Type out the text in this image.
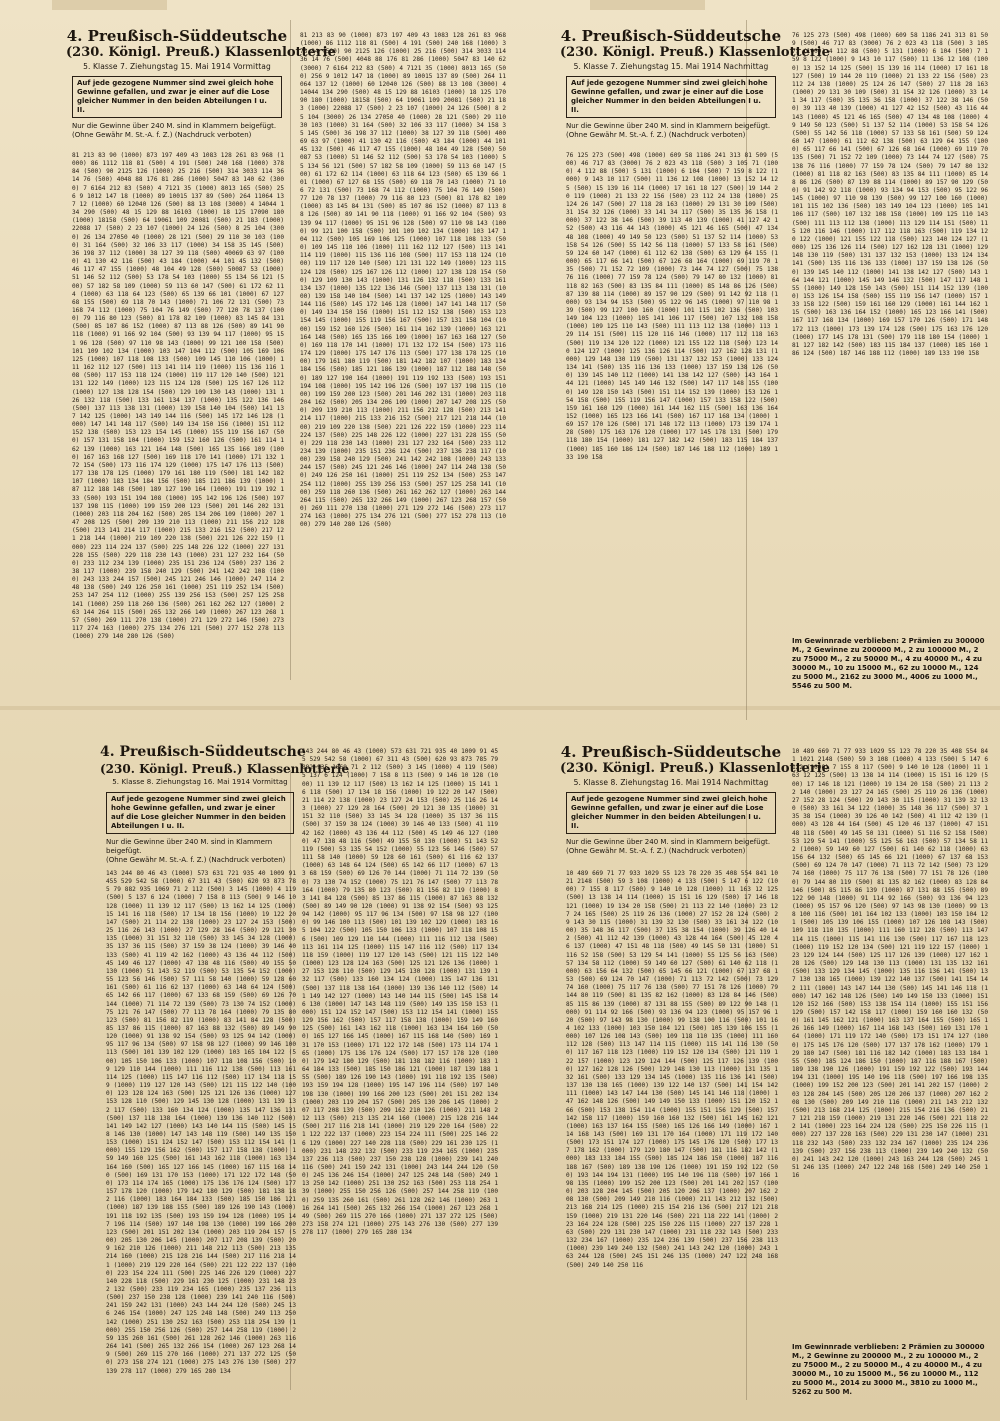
4. Preußisch-Süddeutsche
(230. Königl. Preuß.) Klassenlotterie
5. Klasse 7. Ziehungstag 15. Mai 1914 Vormittag
Auf jede gezogene Nummer sind zwei gleich hohe Gewinne gefallen, und zwar je einer auf die Lose gleicher Nummer in den beiden Abteilungen I u. II.
Nur die Gewinne über 240 M. sind in Klammern beigefügt.
(Ohne Gewähr M. St.-A. f. Z.) (Nachdruck verboten)
81 213 83 90 (1000) 873 197 409 43 1083 128 261 83 968 (1000) 86 1112 118 81 (500) 4 191 (500) 240 168 (1000) 378 84 (500) 90 2125 126 (1000) 25 216 (500) 314 3033 114 36 14 76 (500) 4048 88 176 81 286 (1000) 5047 83 140 62 (3000) 7 6164 212 83 (500) 4 7121 35 (1000) 8013 165 (500) 256 9 1012 147 18 (1000) 89 10015 137 89 (500) 264 11064 137 12 (1000) 60 12040 126 (500) 88 13 108 (3000) 4 14044 134 290 (500) 48 15 129 88 16103 (1000) 18 125 17090 180 (1000) 18158 (500) 64 19061 109 20081 (500) 21 183 (1000) 22088 17 (500) 2 23 107 (1000) 24 126 (500) 8 25 104 (3000) 26 134 27050 40 (1000) 28 121 (500) 29 110 30 103 (1000) 31 164 (500) 32 106 33 117 (1000) 34 158 35 145 (500) 36 198 37 112 (1000) 38 127 39 118 (500) 40069 63 97 (1000) 41 130 42 116 (500) 43 184 (1000) 44 101 45 132 (500) 46 117 47 155 (1000) 48 104 49 128 (500) 50087 53 (1000) 51 146 52 112 (500) 53 178 54 103 (1000) 55 134 56 121 (500) 57 182 58 109 (1000) 59 113 60 147 (500) 61 172 62 114 (1000) 63 118 64 123 (500) 65 139 66 101 (1000) 67 127 68 155 (500) 69 118 70 143 (1000) 71 106 72 131 (500) 73 168 74 112 (1000) 75 104 76 149 (500) 77 120 78 137 (1000) 79 116 80 123 (500) 81 178 82 109 (1000) 83 145 84 131 (500) 85 107 86 152 (1000) 87 113 88 126 (500) 89 141 90 118 (1000) 91 166 92 104 (500) 93 139 94 117 (1000) 95 151 96 128 (500) 97 110 98 143 (1000) 99 121 100 158 (500) 101 109 102 134 (1000) 103 147 104 112 (500) 105 169 106 125 (1000) 107 118 108 133 (500) 109 145 110 106 (1000) 111 162 112 127 (500) 113 141 114 119 (1000) 115 136 116 108 (500) 117 153 118 124 (1000) 119 117 120 140 (500) 121 131 122 149 (1000) 123 115 124 128 (500) 125 167 126 112 (1000) 127 138 128 154 (500) 129 109 130 143 (1000) 131 126 132 118 (500) 133 161 134 137 (1000) 135 122 136 146 (500) 137 113 138 131 (1000) 139 158 140 104 (500) 141 137 142 125 (1000) 143 149 144 116 (500) 145 172 146 128 (1000) 147 141 148 117 (500) 149 134 150 156 (1000) 151 112 152 138 (500) 153 123 154 145 (1000) 155 119 156 167 (500) 157 131 158 104 (1000) 159 152 160 126 (500) 161 114 162 139 (1000) 163 121 164 148 (500) 165 135 166 109 (1000) 167 163 168 127 (500) 169 118 170 141 (1000) 171 132 172 154 (500) 173 116 174 129 (1000) 175 147 176 113 (500) 177 138 178 125 (1000) 179 161 180 119 (500) 181 142 182 107 (1000) 183 134 184 156 (500) 185 121 186 139 (1000) 187 112 188 148 (500) 189 127 190 164 (1000) 191 119 192 133 (500) 193 151 194 108 (1000) 195 142 196 126 (500) 197 137 198 115 (1000) 199 159 200 123 (500) 201 146 202 131 (1000) 203 118 204 162 (500) 205 134 206 109 (1000) 207 147 208 125 (500) 209 139 210 113 (1000) 211 156 212 128 (500) 213 141 214 117 (1000) 215 133 216 152 (500) 217 121 218 144 (1000) 219 109 220 138 (500) 221 126 222 159 (1000) 223 114 224 137 (500) 225 148 226 122 (1000) 227 131 228 155 (500) 229 118 230 143 (1000) 231 127 232 164 (500) 233 112 234 139 (1000) 235 151 236 124 (500) 237 136 238 117 (1000) 239 158 240 129 (500) 241 142 242 108 (1000) 243 133 244 157 (500) 245 121 246 146 (1000) 247 114 248 138 (500) 249 126 250 161 (1000) 251 119 252 134 (500) 253 147 254 112 (1000) 255 139 256 153 (500) 257 125 258 141 (1000) 259 118 260 136 (500) 261 162 262 127 (1000) 263 144 264 115 (500) 265 132 266 149 (1000) 267 123 268 157 (500) 269 111 270 138 (1000) 271 129 272 146 (500) 273 117 274 163 (1000) 275 134 276 121 (500) 277 152 278 113 (1000) 279 140 280 126 (500)
81 213 83 90 (1000) 873 197 409 43 1083 128 261 83 968 (1000) 86 1112 118 81 (500) 4 191 (500) 240 168 (1000) 378 84 (500) 90 2125 126 (1000) 25 216 (500) 314 3033 114 36 14 76 (500) 4048 88 176 81 286 (1000) 5047 83 140 62 (3000) 7 6164 212 83 (500) 4 7121 35 (1000) 8013 165 (500) 256 9 1012 147 18 (1000) 89 10015 137 89 (500) 264 11064 137 12 (1000) 60 12040 126 (500) 88 13 108 (3000) 4 14044 134 290 (500) 48 15 129 88 16103 (1000) 18 125 17090 180 (1000) 18158 (500) 64 19061 109 20081 (500) 21 183 (1000) 22088 17 (500) 2 23 107 (1000) 24 126 (500) 8 25 104 (3000) 26 134 27050 40 (1000) 28 121 (500) 29 110 30 103 (1000) 31 164 (500) 32 106 33 117 (1000) 34 158 35 145 (500) 36 198 37 112 (1000) 38 127 39 118 (500) 40069 63 97 (1000) 41 130 42 116 (500) 43 184 (1000) 44 101 45 132 (500) 46 117 47 155 (1000) 48 104 49 128 (500) 50087 53 (1000) 51 146 52 112 (500) 53 178 54 103 (1000) 55 134 56 121 (500) 57 182 58 109 (1000) 59 113 60 147 (500) 61 172 62 114 (1000) 63 118 64 123 (500) 65 139 66 101 (1000) 67 127 68 155 (500) 69 118 70 143 (1000) 71 106 72 131 (500) 73 168 74 112 (1000) 75 104 76 149 (500) 77 120 78 137 (1000) 79 116 80 123 (500) 81 178 82 109 (1000) 83 145 84 131 (500) 85 107 86 152 (1000) 87 113 88 126 (500) 89 141 90 118 (1000) 91 166 92 104 (500) 93 139 94 117 (1000) 95 151 96 128 (500) 97 110 98 143 (1000) 99 121 100 158 (500) 101 109 102 134 (1000) 103 147 104 112 (500) 105 169 106 125 (1000) 107 118 108 133 (500) 109 145 110 106 (1000) 111 162 112 127 (500) 113 141 114 119 (1000) 115 136 116 108 (500) 117 153 118 124 (1000) 119 117 120 140 (500) 121 131 122 149 (1000) 123 115 124 128 (500) 125 167 126 112 (1000) 127 138 128 154 (500) 129 109 130 143 (1000) 131 126 132 118 (500) 133 161 134 137 (1000) 135 122 136 146 (500) 137 113 138 131 (1000) 139 158 140 104 (500) 141 137 142 125 (1000) 143 149 144 116 (500) 145 172 146 128 (1000) 147 141 148 117 (500) 149 134 150 156 (1000) 151 112 152 138 (500) 153 123 154 145 (1000) 155 119 156 167 (500) 157 131 158 104 (1000) 159 152 160 126 (500) 161 114 162 139 (1000) 163 121 164 148 (500) 165 135 166 109 (1000) 167 163 168 127 (500) 169 118 170 141 (1000) 171 132 172 154 (500) 173 116 174 129 (1000) 175 147 176 113 (500) 177 138 178 125 (1000) 179 161 180 119 (500) 181 142 182 107 (1000) 183 134 184 156 (500) 185 121 186 139 (1000) 187 112 188 148 (500) 189 127 190 164 (1000) 191 119 192 133 (500) 193 151 194 108 (1000) 195 142 196 126 (500) 197 137 198 115 (1000) 199 159 200 123 (500) 201 146 202 131 (1000) 203 118 204 162 (500) 205 134 206 109 (1000) 207 147 208 125 (500) 209 139 210 113 (1000) 211 156 212 128 (500) 213 141 214 117 (1000) 215 133 216 152 (500) 217 121 218 144 (1000) 219 109 220 138 (500) 221 126 222 159 (1000) 223 114 224 137 (500) 225 148 226 122 (1000) 227 131 228 155 (500) 229 118 230 143 (1000) 231 127 232 164 (500) 233 112 234 139 (1000) 235 151 236 124 (500) 237 136 238 117 (1000) 239 158 240 129 (500) 241 142 242 108 (1000) 243 133 244 157 (500) 245 121 246 146 (1000) 247 114 248 138 (500) 249 126 250 161 (1000) 251 119 252 134 (500) 253 147 254 112 (1000) 255 139 256 153 (500) 257 125 258 141 (1000) 259 118 260 136 (500) 261 162 262 127 (1000) 263 144 264 115 (500) 265 132 266 149 (1000) 267 123 268 157 (500) 269 111 270 138 (1000) 271 129 272 146 (500) 273 117 274 163 (1000) 275 134 276 121 (500) 277 152 278 113 (1000) 279 140 280 126 (500)
4. Preußisch-Süddeutsche
(230. Königl. Preuß.) Klassenlotterie
5. Klasse 7. Ziehungstag 15. Mai 1914 Nachmittag
Auf jede gezogene Nummer sind zwei gleich hohe Gewinne gefallen, und zwar je einer auf die Lose gleicher Nummer in den beiden Abteilungen I u. II.
Nur die Gewinne über 240 M. sind in Klammern beigefügt.
(Ohne Gewähr M. St.-A. f. Z.) (Nachdruck verboten)
76 125 273 (500) 498 (1000) 609 58 1186 241 313 81 509 (500) 46 717 83 (3000) 76 2 023 43 118 (500) 3 105 71 (1000) 4 112 88 (500) 5 131 (1000) 6 104 (500) 7 159 8 122 (1000) 9 143 10 117 (500) 11 136 12 108 (1000) 13 152 14 125 (500) 15 139 16 114 (1000) 17 161 18 127 (500) 19 144 20 119 (1000) 21 133 22 156 (500) 23 112 24 138 (1000) 25 124 26 147 (500) 27 118 28 163 (1000) 29 131 30 109 (500) 31 154 32 126 (1000) 33 141 34 117 (500) 35 135 36 158 (1000) 37 122 38 146 (500) 39 113 40 139 (1000) 41 127 42 152 (500) 43 116 44 143 (1000) 45 121 46 165 (500) 47 134 48 108 (1000) 49 149 50 123 (500) 51 137 52 114 (1000) 53 158 54 126 (500) 55 142 56 118 (1000) 57 133 58 161 (500) 59 124 60 147 (1000) 61 112 62 138 (500) 63 129 64 155 (1000) 65 117 66 141 (500) 67 126 68 164 (1000) 69 119 70 135 (500) 71 152 72 109 (1000) 73 144 74 127 (500) 75 138 76 116 (1000) 77 159 78 124 (500) 79 147 80 132 (1000) 81 118 82 163 (500) 83 135 84 111 (1000) 85 148 86 126 (500) 87 139 88 114 (1000) 89 157 90 129 (500) 91 142 92 118 (1000) 93 134 94 153 (500) 95 122 96 145 (1000) 97 110 98 139 (500) 99 127 100 160 (1000) 101 115 102 136 (500) 103 149 104 123 (1000) 105 141 106 117 (500) 107 132 108 158 (1000) 109 125 110 143 (500) 111 113 112 138 (1000) 113 129 114 151 (500) 115 120 116 146 (1000) 117 112 118 163 (500) 119 134 120 122 (1000) 121 155 122 118 (500) 123 140 124 127 (1000) 125 136 126 114 (500) 127 162 128 131 (1000) 129 148 130 119 (500) 131 137 132 153 (1000) 133 124 134 141 (500) 135 116 136 133 (1000) 137 159 138 126 (500) 139 145 140 112 (1000) 141 138 142 127 (500) 143 164 144 121 (1000) 145 149 146 132 (500) 147 117 148 155 (1000) 149 128 150 143 (500) 151 114 152 139 (1000) 153 126 154 158 (500) 155 119 156 147 (1000) 157 133 158 122 (500) 159 161 160 129 (1000) 161 144 162 115 (500) 163 136 164 152 (1000) 165 123 166 141 (500) 167 117 168 134 (1000) 169 157 170 126 (500) 171 148 172 113 (1000) 173 139 174 128 (500) 175 163 176 120 (1000) 177 145 178 131 (500) 179 118 180 154 (1000) 181 127 182 142 (500) 183 115 184 137 (1000) 185 160 186 124 (500) 187 146 188 112 (1000) 189 133 190 158
76 125 273 (500) 498 (1000) 609 58 1186 241 313 81 509 (500) 46 717 83 (3000) 76 2 023 43 118 (500) 3 105 71 (1000) 4 112 88 (500) 5 131 (1000) 6 104 (500) 7 159 8 122 (1000) 9 143 10 117 (500) 11 136 12 108 (1000) 13 152 14 125 (500) 15 139 16 114 (1000) 17 161 18 127 (500) 19 144 20 119 (1000) 21 133 22 156 (500) 23 112 24 138 (1000) 25 124 26 147 (500) 27 118 28 163 (1000) 29 131 30 109 (500) 31 154 32 126 (1000) 33 141 34 117 (500) 35 135 36 158 (1000) 37 122 38 146 (500) 39 113 40 139 (1000) 41 127 42 152 (500) 43 116 44 143 (1000) 45 121 46 165 (500) 47 134 48 108 (1000) 49 149 50 123 (500) 51 137 52 114 (1000) 53 158 54 126 (500) 55 142 56 118 (1000) 57 133 58 161 (500) 59 124 60 147 (1000) 61 112 62 138 (500) 63 129 64 155 (1000) 65 117 66 141 (500) 67 126 68 164 (1000) 69 119 70 135 (500) 71 152 72 109 (1000) 73 144 74 127 (500) 75 138 76 116 (1000) 77 159 78 124 (500) 79 147 80 132 (1000) 81 118 82 163 (500) 83 135 84 111 (1000) 85 148 86 126 (500) 87 139 88 114 (1000) 89 157 90 129 (500) 91 142 92 118 (1000) 93 134 94 153 (500) 95 122 96 145 (1000) 97 110 98 139 (500) 99 127 100 160 (1000) 101 115 102 136 (500) 103 149 104 123 (1000) 105 141 106 117 (500) 107 132 108 158 (1000) 109 125 110 143 (500) 111 113 112 138 (1000) 113 129 114 151 (500) 115 120 116 146 (1000) 117 112 118 163 (500) 119 134 120 122 (1000) 121 155 122 118 (500) 123 140 124 127 (1000) 125 136 126 114 (500) 127 162 128 131 (1000) 129 148 130 119 (500) 131 137 132 153 (1000) 133 124 134 141 (500) 135 116 136 133 (1000) 137 159 138 126 (500) 139 145 140 112 (1000) 141 138 142 127 (500) 143 164 144 121 (1000) 145 149 146 132 (500) 147 117 148 155 (1000) 149 128 150 143 (500) 151 114 152 139 (1000) 153 126 154 158 (500) 155 119 156 147 (1000) 157 133 158 122 (500) 159 161 160 129 (1000) 161 144 162 115 (500) 163 136 164 152 (1000) 165 123 166 141 (500) 167 117 168 134 (1000) 169 157 170 126 (500) 171 148 172 113 (1000) 173 139 174 128 (500) 175 163 176 120 (1000) 177 145 178 131 (500) 179 118 180 154 (1000) 181 127 182 142 (500) 183 115 184 137 (1000) 185 160 186 124 (500) 187 146 188 112 (1000) 189 133 190 158
Im Gewinnrade verblieben: 2 Prämien zu 300000 M., 2 Gewinne zu 200000 M., 2 zu 100000 M., 2 zu 75000 M., 2 zu 50000 M., 4 zu 40000 M., 4 zu 30000 M., 10 zu 15000 M., 62 zu 10000 M., 124 zu 5000 M., 2162 zu 3000 M., 4006 zu 1000 M., 5546 zu 500 M.
4. Preußisch-Süddeutsche
(230. Königl. Preuß.) Klassenlotterie
5. Klasse 8. Ziehungstag 16. Mai 1914 Vormittag
Auf jede gezogene Nummer sind zwei gleich hohe Gewinne gefallen, und zwar je einer auf die Lose gleicher Nummer in den beiden Abteilungen I u. II.
Nur die Gewinne über 240 M. sind in Klammern beigefügt.
(Ohne Gewähr M. St.-A. f. Z.) (Nachdruck verboten)
143 244 80 46 43 (1000) 573 631 721 935 40 1009 91 455 529 542 58 (1000) 67 311 43 (500) 620 93 873 785 79 882 935 1069 71 2 112 (500) 3 145 (1000) 4 119 (500) 5 137 6 124 (1000) 7 158 8 113 (500) 9 146 10 128 (1000) 11 139 12 117 (500) 13 162 14 125 (1000) 15 141 16 118 (500) 17 134 18 156 (1000) 19 122 20 147 (500) 21 114 22 138 (1000) 23 127 24 153 (500) 25 116 26 143 (1000) 27 129 28 164 (500) 29 121 30 135 (1000) 31 151 32 110 (500) 33 145 34 128 (1000) 35 137 36 115 (500) 37 159 38 124 (1000) 39 146 40 133 (500) 41 119 42 162 (1000) 43 136 44 112 (500) 45 149 46 127 (1000) 47 138 48 116 (500) 49 155 50 130 (1000) 51 143 52 119 (500) 53 135 54 152 (1000) 55 123 56 146 (500) 57 111 58 140 (1000) 59 128 60 161 (500) 61 116 62 137 (1000) 63 148 64 124 (500) 65 142 66 117 (1000) 67 133 68 159 (500) 69 126 70 144 (1000) 71 114 72 139 (500) 73 130 74 152 (1000) 75 121 76 147 (500) 77 113 78 164 (1000) 79 135 80 123 (500) 81 156 82 119 (1000) 83 141 84 128 (500) 85 137 86 115 (1000) 87 163 88 132 (500) 89 149 90 120 (1000) 91 138 92 154 (500) 93 125 94 142 (1000) 95 117 96 134 (500) 97 158 98 127 (1000) 99 146 100 113 (500) 101 139 102 129 (1000) 103 165 104 122 (500) 105 150 106 133 (1000) 107 118 108 156 (500) 109 129 110 144 (1000) 111 116 112 138 (500) 113 161 114 125 (1000) 115 147 116 112 (500) 117 134 118 159 (1000) 119 127 120 143 (500) 121 115 122 140 (1000) 123 128 124 163 (500) 125 121 126 136 (1000) 127 153 128 110 (500) 129 145 130 128 (1000) 131 139 132 117 (500) 133 160 134 124 (1000) 135 147 136 131 (500) 137 118 138 164 (1000) 139 136 140 112 (500) 141 149 142 127 (1000) 143 140 144 115 (500) 145 158 146 130 (1000) 147 143 148 119 (500) 149 135 150 153 (1000) 151 124 152 147 (500) 153 112 154 141 (1000) 155 129 156 162 (500) 157 117 158 138 (1000) 159 149 160 125 (500) 161 143 162 118 (1000) 163 134 164 160 (500) 165 127 166 145 (1000) 167 115 168 140 (500) 169 131 170 153 (1000) 171 122 172 148 (500) 173 114 174 165 (1000) 175 136 176 124 (500) 177 157 178 120 (1000) 179 142 180 129 (500) 181 138 182 116 (1000) 183 164 184 133 (500) 185 150 186 121 (1000) 187 139 188 155 (500) 189 126 190 143 (1000) 191 118 192 135 (500) 193 159 194 128 (1000) 195 147 196 114 (500) 197 140 198 130 (1000) 199 166 200 123 (500) 201 151 202 134 (1000) 203 119 204 157 (500) 205 130 206 145 (1000) 207 117 208 139 (500) 209 162 210 126 (1000) 211 148 212 113 (500) 213 135 214 160 (1000) 215 128 216 144 (500) 217 116 218 141 (1000) 219 129 220 164 (500) 221 122 222 137 (1000) 223 154 224 111 (500) 225 146 226 129 (1000) 227 140 228 118 (500) 229 161 230 125 (1000) 231 148 232 132 (500) 233 119 234 165 (1000) 235 137 236 113 (500) 237 150 238 128 (1000) 239 141 240 116 (500) 241 159 242 131 (1000) 243 144 244 120 (500) 245 136 246 154 (1000) 247 125 248 148 (500) 249 113 250 142 (1000) 251 130 252 163 (500) 253 118 254 139 (1000) 255 150 256 126 (500) 257 144 258 119 (1000) 259 135 260 161 (500) 261 128 262 146 (1000) 263 116 264 141 (500) 265 132 266 154 (1000) 267 123 268 149 (500) 269 115 270 166 (1000) 271 137 272 125 (500) 273 158 274 121 (1000) 275 143 276 130 (500) 277 139 278 117 (1000) 279 165 280 134
143 244 80 46 43 (1000) 573 631 721 935 40 1009 91 455 529 542 58 (1000) 67 311 43 (500) 620 93 873 785 79 882 935 1069 71 2 112 (500) 3 145 (1000) 4 119 (500) 5 137 6 124 (1000) 7 158 8 113 (500) 9 146 10 128 (1000) 11 139 12 117 (500) 13 162 14 125 (1000) 15 141 16 118 (500) 17 134 18 156 (1000) 19 122 20 147 (500) 21 114 22 138 (1000) 23 127 24 153 (500) 25 116 26 143 (1000) 27 129 28 164 (500) 29 121 30 135 (1000) 31 151 32 110 (500) 33 145 34 128 (1000) 35 137 36 115 (500) 37 159 38 124 (1000) 39 146 40 133 (500) 41 119 42 162 (1000) 43 136 44 112 (500) 45 149 46 127 (1000) 47 138 48 116 (500) 49 155 50 130 (1000) 51 143 52 119 (500) 53 135 54 152 (1000) 55 123 56 146 (500) 57 111 58 140 (1000) 59 128 60 161 (500) 61 116 62 137 (1000) 63 148 64 124 (500) 65 142 66 117 (1000) 67 133 68 159 (500) 69 126 70 144 (1000) 71 114 72 139 (500) 73 130 74 152 (1000) 75 121 76 147 (500) 77 113 78 164 (1000) 79 135 80 123 (500) 81 156 82 119 (1000) 83 141 84 128 (500) 85 137 86 115 (1000) 87 163 88 132 (500) 89 149 90 120 (1000) 91 138 92 154 (500) 93 125 94 142 (1000) 95 117 96 134 (500) 97 158 98 127 (1000) 99 146 100 113 (500) 101 139 102 129 (1000) 103 165 104 122 (500) 105 150 106 133 (1000) 107 118 108 156 (500) 109 129 110 144 (1000) 111 116 112 138 (500) 113 161 114 125 (1000) 115 147 116 112 (500) 117 134 118 159 (1000) 119 127 120 143 (500) 121 115 122 140 (1000) 123 128 124 163 (500) 125 121 126 136 (1000) 127 153 128 110 (500) 129 145 130 128 (1000) 131 139 132 117 (500) 133 160 134 124 (1000) 135 147 136 131 (500) 137 118 138 164 (1000) 139 136 140 112 (500) 141 149 142 127 (1000) 143 140 144 115 (500) 145 158 146 130 (1000) 147 143 148 119 (500) 149 135 150 153 (1000) 151 124 152 147 (500) 153 112 154 141 (1000) 155 129 156 162 (500) 157 117 158 138 (1000) 159 149 160 125 (500) 161 143 162 118 (1000) 163 134 164 160 (500) 165 127 166 145 (1000) 167 115 168 140 (500) 169 131 170 153 (1000) 171 122 172 148 (500) 173 114 174 165 (1000) 175 136 176 124 (500) 177 157 178 120 (1000) 179 142 180 129 (500) 181 138 182 116 (1000) 183 164 184 133 (500) 185 150 186 121 (1000) 187 139 188 155 (500) 189 126 190 143 (1000) 191 118 192 135 (500) 193 159 194 128 (1000) 195 147 196 114 (500) 197 140 198 130 (1000) 199 166 200 123 (500) 201 151 202 134 (1000) 203 119 204 157 (500) 205 130 206 145 (1000) 207 117 208 139 (500) 209 162 210 126 (1000) 211 148 212 113 (500) 213 135 214 160 (1000) 215 128 216 144 (500) 217 116 218 141 (1000) 219 129 220 164 (500) 221 122 222 137 (1000) 223 154 224 111 (500) 225 146 226 129 (1000) 227 140 228 118 (500) 229 161 230 125 (1000) 231 148 232 132 (500) 233 119 234 165 (1000) 235 137 236 113 (500) 237 150 238 128 (1000) 239 141 240 116 (500) 241 159 242 131 (1000) 243 144 244 120 (500) 245 136 246 154 (1000) 247 125 248 148 (500) 249 113 250 142 (1000) 251 130 252 163 (500) 253 118 254 139 (1000) 255 150 256 126 (500) 257 144 258 119 (1000) 259 135 260 161 (500) 261 128 262 146 (1000) 263 116 264 141 (500) 265 132 266 154 (1000) 267 123 268 149 (500) 269 115 270 166 (1000) 271 137 272 125 (500) 273 158 274 121 (1000) 275 143 276 130 (500) 277 139 278 117 (1000) 279 165 280 134
4. Preußisch-Süddeutsche
(230. Königl. Preuß.) Klassenlotterie
5. Klasse 8. Ziehungstag 16. Mai 1914 Nachmittag
Auf jede gezogene Nummer sind zwei gleich hohe Gewinne gefallen, und zwar je einer auf die Lose gleicher Nummer in den beiden Abteilungen I u. II.
Nur die Gewinne über 240 M. sind in Klammern beigefügt.
(Ohne Gewähr M. St.-A. f. Z.) (Nachdruck verboten)
10 489 669 71 77 933 1029 55 123 78 220 35 408 554 841 1021 2148 (500) 59 3 108 (1000) 4 133 (500) 5 147 6 122 (1000) 7 155 8 117 (500) 9 140 10 128 (1000) 11 163 12 125 (500) 13 138 14 114 (1000) 15 151 16 129 (500) 17 146 18 121 (1000) 19 134 20 158 (500) 21 113 22 140 (1000) 23 127 24 165 (500) 25 119 26 136 (1000) 27 152 28 124 (500) 29 143 30 115 (1000) 31 139 32 130 (500) 33 161 34 122 (1000) 35 148 36 117 (500) 37 135 38 154 (1000) 39 126 40 142 (500) 41 112 42 139 (1000) 43 128 44 164 (500) 45 120 46 137 (1000) 47 151 48 118 (500) 49 145 50 131 (1000) 51 116 52 158 (500) 53 129 54 141 (1000) 55 125 56 163 (500) 57 134 58 112 (1000) 59 149 60 127 (500) 61 140 62 118 (1000) 63 156 64 132 (500) 65 145 66 121 (1000) 67 137 68 153 (500) 69 124 70 147 (1000) 71 113 72 142 (500) 73 129 74 160 (1000) 75 117 76 138 (500) 77 151 78 126 (1000) 79 144 80 119 (500) 81 135 82 162 (1000) 83 128 84 146 (500) 85 115 86 139 (1000) 87 131 88 155 (500) 89 122 90 148 (1000) 91 114 92 166 (500) 93 136 94 123 (1000) 95 157 96 120 (500) 97 143 98 130 (1000) 99 138 100 116 (500) 101 164 102 133 (1000) 103 150 104 121 (500) 105 139 106 155 (1000) 107 126 108 143 (500) 109 118 110 135 (1000) 111 160 112 128 (500) 113 147 114 115 (1000) 115 141 116 130 (500) 117 167 118 123 (1000) 119 152 120 134 (500) 121 119 122 157 (1000) 123 129 124 144 (500) 125 117 126 139 (1000) 127 162 128 126 (500) 129 148 130 113 (1000) 131 135 132 161 (500) 133 129 134 145 (1000) 135 116 136 141 (500) 137 130 138 165 (1000) 139 122 140 137 (500) 141 154 142 111 (1000) 143 147 144 130 (500) 145 141 146 118 (1000) 147 162 148 126 (500) 149 149 150 133 (1000) 151 120 152 166 (500) 153 138 154 114 (1000) 155 151 156 129 (500) 157 142 158 117 (1000) 159 160 160 132 (500) 161 145 162 121 (1000) 163 137 164 155 (500) 165 126 166 149 (1000) 167 114 168 143 (500) 169 131 170 164 (1000) 171 119 172 140 (500) 173 151 174 127 (1000) 175 145 176 120 (500) 177 137 178 162 (1000) 179 129 180 147 (500) 181 116 182 142 (1000) 183 133 184 155 (500) 185 124 186 150 (1000) 187 116 188 167 (500) 189 138 190 126 (1000) 191 159 192 122 (500) 193 144 194 131 (1000) 195 140 196 118 (500) 197 166 198 135 (1000) 199 152 200 123 (500) 201 141 202 157 (1000) 203 128 204 145 (500) 205 120 206 137 (1000) 207 162 208 130 (500) 209 149 210 116 (1000) 211 143 212 132 (500) 213 168 214 125 (1000) 215 154 216 136 (500) 217 121 218 159 (1000) 219 131 220 146 (500) 221 118 222 141 (1000) 223 164 224 128 (500) 225 150 226 115 (1000) 227 137 228 163 (500) 229 131 230 147 (1000) 231 118 232 143 (500) 233 132 234 167 (1000) 235 124 236 139 (500) 237 156 238 113 (1000) 239 149 240 132 (500) 241 143 242 120 (1000) 243 163 244 128 (500) 245 151 246 135 (1000) 247 122 248 168 (500) 249 140 250 116
10 489 669 71 77 933 1029 55 123 78 220 35 408 554 841 1021 2148 (500) 59 3 108 (1000) 4 133 (500) 5 147 6 122 (1000) 7 155 8 117 (500) 9 140 10 128 (1000) 11 163 12 125 (500) 13 138 14 114 (1000) 15 151 16 129 (500) 17 146 18 121 (1000) 19 134 20 158 (500) 21 113 22 140 (1000) 23 127 24 165 (500) 25 119 26 136 (1000) 27 152 28 124 (500) 29 143 30 115 (1000) 31 139 32 130 (500) 33 161 34 122 (1000) 35 148 36 117 (500) 37 135 38 154 (1000) 39 126 40 142 (500) 41 112 42 139 (1000) 43 128 44 164 (500) 45 120 46 137 (1000) 47 151 48 118 (500) 49 145 50 131 (1000) 51 116 52 158 (500) 53 129 54 141 (1000) 55 125 56 163 (500) 57 134 58 112 (1000) 59 149 60 127 (500) 61 140 62 118 (1000) 63 156 64 132 (500) 65 145 66 121 (1000) 67 137 68 153 (500) 69 124 70 147 (1000) 71 113 72 142 (500) 73 129 74 160 (1000) 75 117 76 138 (500) 77 151 78 126 (1000) 79 144 80 119 (500) 81 135 82 162 (1000) 83 128 84 146 (500) 85 115 86 139 (1000) 87 131 88 155 (500) 89 122 90 148 (1000) 91 114 92 166 (500) 93 136 94 123 (1000) 95 157 96 120 (500) 97 143 98 130 (1000) 99 138 100 116 (500) 101 164 102 133 (1000) 103 150 104 121 (500) 105 139 106 155 (1000) 107 126 108 143 (500) 109 118 110 135 (1000) 111 160 112 128 (500) 113 147 114 115 (1000) 115 141 116 130 (500) 117 167 118 123 (1000) 119 152 120 134 (500) 121 119 122 157 (1000) 123 129 124 144 (500) 125 117 126 139 (1000) 127 162 128 126 (500) 129 148 130 113 (1000) 131 135 132 161 (500) 133 129 134 145 (1000) 135 116 136 141 (500) 137 130 138 165 (1000) 139 122 140 137 (500) 141 154 142 111 (1000) 143 147 144 130 (500) 145 141 146 118 (1000) 147 162 148 126 (500) 149 149 150 133 (1000) 151 120 152 166 (500) 153 138 154 114 (1000) 155 151 156 129 (500) 157 142 158 117 (1000) 159 160 160 132 (500) 161 145 162 121 (1000) 163 137 164 155 (500) 165 126 166 149 (1000) 167 114 168 143 (500) 169 131 170 164 (1000) 171 119 172 140 (500) 173 151 174 127 (1000) 175 145 176 120 (500) 177 137 178 162 (1000) 179 129 180 147 (500) 181 116 182 142 (1000) 183 133 184 155 (500) 185 124 186 150 (1000) 187 116 188 167 (500) 189 138 190 126 (1000) 191 159 192 122 (500) 193 144 194 131 (1000) 195 140 196 118 (500) 197 166 198 135 (1000) 199 152 200 123 (500) 201 141 202 157 (1000) 203 128 204 145 (500) 205 120 206 137 (1000) 207 162 208 130 (500) 209 149 210 116 (1000) 211 143 212 132 (500) 213 168 214 125 (1000) 215 154 216 136 (500) 217 121 218 159 (1000) 219 131 220 146 (500) 221 118 222 141 (1000) 223 164 224 128 (500) 225 150 226 115 (1000) 227 137 228 163 (500) 229 131 230 147 (1000) 231 118 232 143 (500) 233 132 234 167 (1000) 235 124 236 139 (500) 237 156 238 113 (1000) 239 149 240 132 (500) 241 143 242 120 (1000) 243 163 244 128 (500) 245 151 246 135 (1000) 247 122 248 168 (500) 249 140 250 116
Im Gewinnrade verblieben: 2 Prämien zu 300000 M., 2 Gewinne zu 200000 M., 2 zu 100000 M., 2 zu 75000 M., 2 zu 50000 M., 4 zu 40000 M., 4 zu 30000 M., 10 zu 15000 M., 56 zu 10000 M., 112 zu 5000 M., 2014 zu 3000 M., 3810 zu 1000 M., 5262 zu 500 M.
